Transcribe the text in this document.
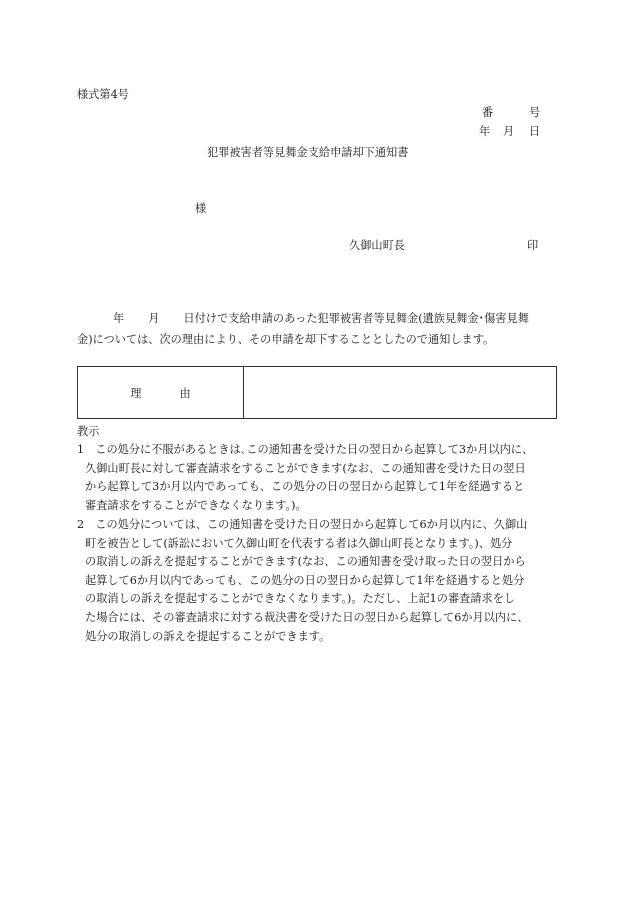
様式第4号
番	号
年 月 日
犯罪被害者等見舞金支給申請却下通知書
様
久御山町長	印
年 月 日付けで支給申請のあった犯罪被害者等見舞金(遺族見舞金･傷害見舞
金)については、次の理由により、その申請を却下することとしたので通知します。
理	由
教示
1　この処分に不服があるときは､この通知書を受けた日の翌日から起算して3か月以内に、
久御山町長に対して審査請求をすることができます(なお、この通知書を受けた日の翌日
から起算して3か月以内であっても、この処分の日の翌日から起算して1年を経過すると
審査請求をすることができなくなります。)。
2　この処分については、この通知書を受けた日の翌日から起算して6か月以内に、久御山
町を被告として(訴訟において久御山町を代表する者は久御山町長となります。)、処分
の取消しの訴えを提起することができます(なお、この通知書を受け取った日の翌日から
起算して6か月以内であっても、この処分の日の翌日から起算して1年を経過すると処分
の取消しの訴えを提起することができなくなります。)。ただし、上記1の審査請求をし
た場合には、その審査請求に対する裁決書を受けた日の翌日から起算して6か月以内に、
処分の取消しの訴えを提起することができます。
